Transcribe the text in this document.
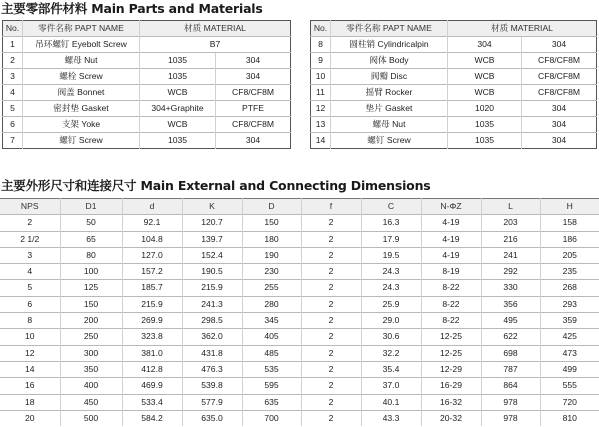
主要零部件材料 Main Parts and Materials
No.	零件名称 PAPT NAME	材质 MATERIAL	
1	吊环螺钉 Eyebolt Screw	B7	
2	螺母 Nut	1035	304
3	螺栓 Screw	1035	304
4	阀盖 Bonnet	WCB	CF8/CF8M
5	密封垫 Gasket	304+Graphite	PTFE
6	支架 Yoke	WCB	CF8/CF8M
7	螺钉 Screw	1035	304
No.	零件名称 PAPT NAME	材质 MATERIAL	
8	圆柱销 Cylindricalpin	304	304
9	阀体 Body	WCB	CF8/CF8M
10	阀瓣 Disc	WCB	CF8/CF8M
11	摇臂 Rocker	WCB	CF8/CF8M
12	垫片 Gasket	1020	304
13	螺母 Nut	1035	304
14	螺钉 Screw	1035	304
主要外形尺寸和连接尺寸 Main External and Connecting Dimensions
NPS	D1	d	K	D	f	C	N-ΦZ	L	H
2	50	92.1	120.7	150	2	16.3	4-19	203	158
2 1/2	65	104.8	139.7	180	2	17.9	4-19	216	186
3	80	127.0	152.4	190	2	19.5	4-19	241	205
4	100	157.2	190.5	230	2	24.3	8-19	292	235
5	125	185.7	215.9	255	2	24.3	8-22	330	268
6	150	215.9	241.3	280	2	25.9	8-22	356	293
8	200	269.9	298.5	345	2	29.0	8-22	495	359
10	250	323.8	362.0	405	2	30.6	12-25	622	425
12	300	381.0	431.8	485	2	32.2	12-25	698	473
14	350	412.8	476.3	535	2	35.4	12-29	787	499
16	400	469.9	539.8	595	2	37.0	16-29	864	555
18	450	533.4	577.9	635	2	40.1	16-32	978	720
20	500	584.2	635.0	700	2	43.3	20-32	978	810
